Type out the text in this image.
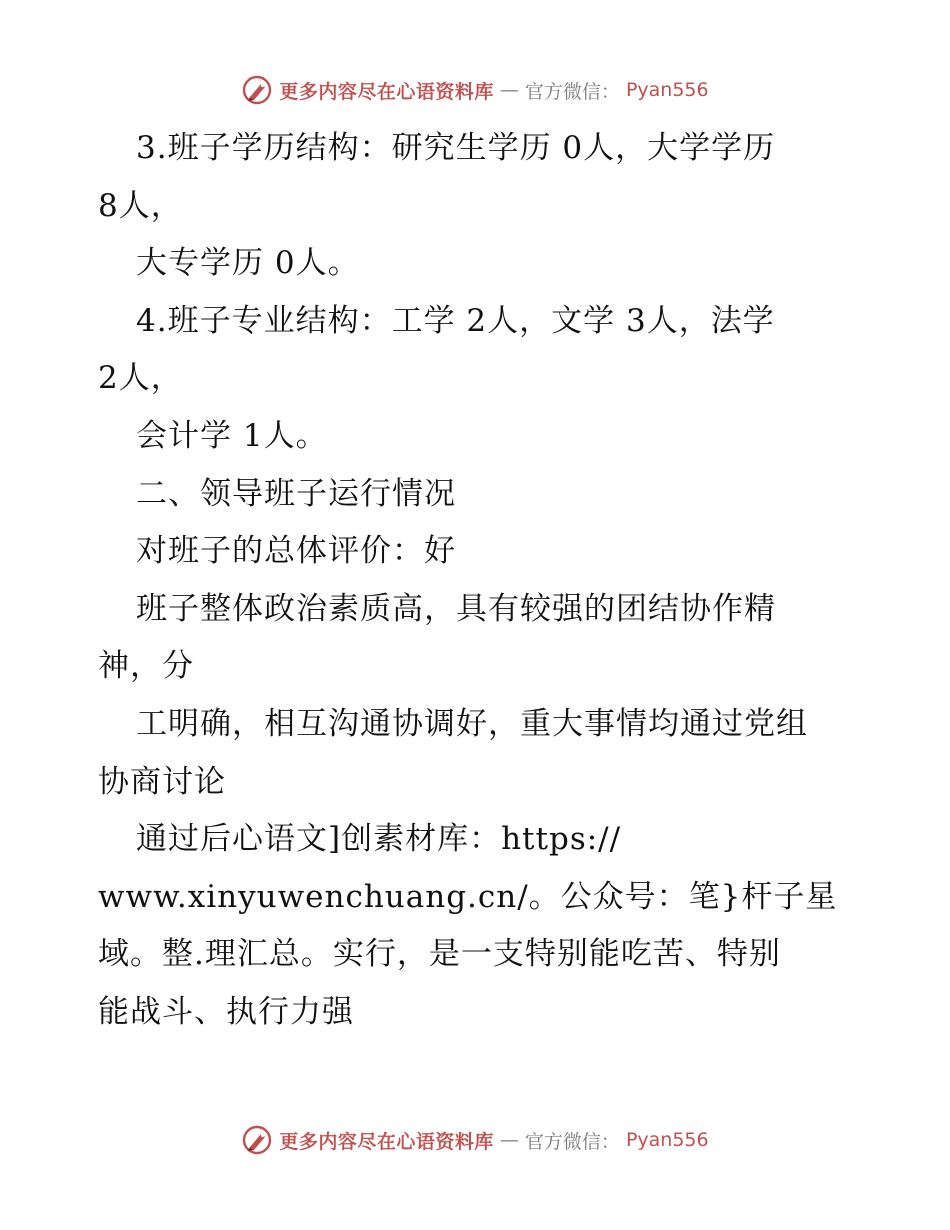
更多内容尽在心语资料库 — 官方微信： Pyan556
3.班子学历结构：研究生学历 0人，大学学历
8人，
大专学历 0人。
4.班子专业结构：工学 2人，文学 3人，法学
2人，
会计学 1人。
二、领导班子运行情况
对班子的总体评价：好
班子整体政治素质高，具有较强的团结协作精
神，分
工明确，相互沟通协调好，重大事情均通过党组
协商讨论
通过后心语文]创素材库：https://
www.xinyuwenchuang.cn/。公众号：笔}杆子星
域。整.理汇总。实行，是一支特别能吃苦、特别
能战斗、执行力强
更多内容尽在心语资料库 — 官方微信： Pyan556
